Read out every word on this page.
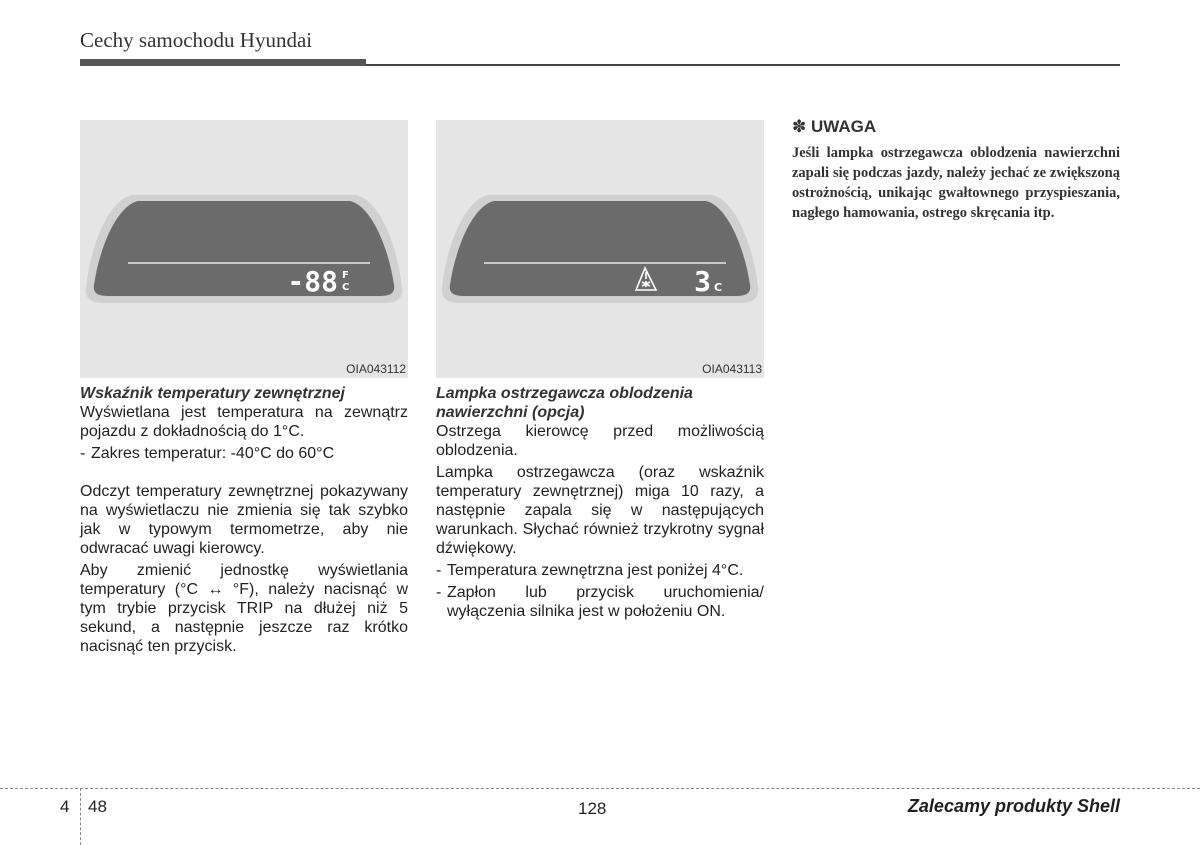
Cechy samochodu Hyundai
-88 F
C
OIA043112
3 C
OIA043113
Wskaźnik temperatury zewnętrznej
Wyświetlana jest temperatura na zewnątrz pojazdu z dokładnością do 1°C.
- Zakres temperatur: -40°C do 60°C
Odczyt temperatury zewnętrznej pokazywany na wyświetlaczu nie zmienia się tak szybko jak w typowym termometrze, aby nie odwracać uwagi kierowcy.
Aby zmienić jednostkę wyświetlania temperatury (°C ↔ °F), należy nacisnąć w tym trybie przycisk TRIP na dłużej niż 5 sekund, a następnie jeszcze raz krótko nacisnąć ten przycisk.
Lampka ostrzegawcza oblodzenia nawierzchni (opcja)
Ostrzega kierowcę przed możliwością oblodzenia.
Lampka ostrzegawcza (oraz wskaźnik temperatury zewnętrznej) miga 10 razy, a następnie zapala się w następujących warunkach. Słychać również trzykrotny sygnał dźwiękowy.
- Temperatura zewnętrzna jest poniżej 4°C.
- Zapłon lub przycisk uruchomienia/ wyłączenia silnika jest w położeniu ON.
✽ UWAGA

Jeśli lampka ostrzegawcza oblodzenia nawierzchni zapali się podczas jazdy, należy jechać ze zwiększoną ostrożnością, unikając gwałtownego przyspieszania, nagłego hamowania, ostrego skręcania itp.

4 48	128	Zalecamy produkty Shell
